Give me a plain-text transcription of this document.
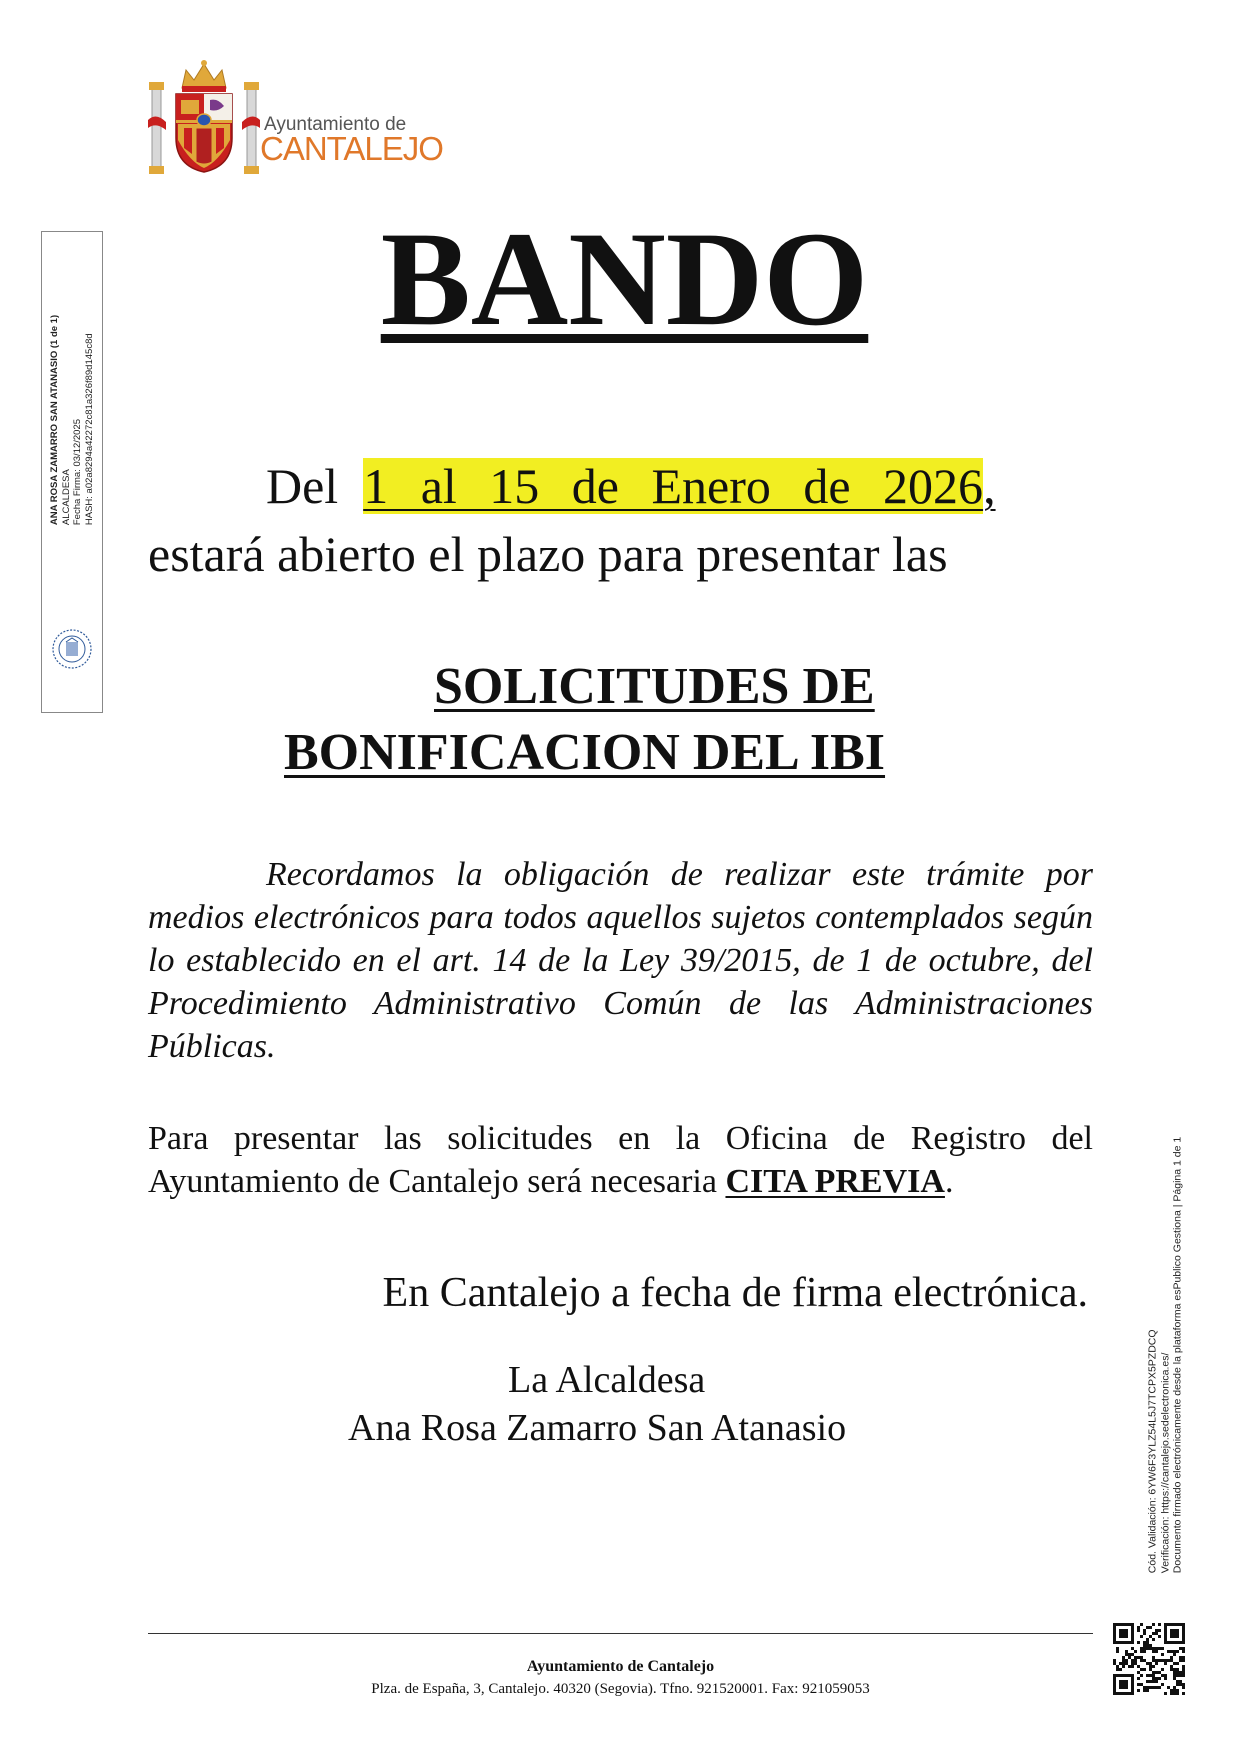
Ayuntamiento de
CANTALEJO
ANA ROSA ZAMARRO SAN ATANASIO (1 de 1) ALCALDESA Fecha Firma: 03/12/2025 HASH: a02a8294a42272c81a326f89d145c8d
BANDO
Del 1 al 15 de Enero de 2026,
estará abierto el plazo para presentar las
SOLICITUDES DE
BONIFICACION DEL IBI
Recordamos la obligación de realizar este trámite por medios electrónicos para todos aquellos sujetos contemplados según lo establecido en el art. 14 de la Ley 39/2015, de 1 de octubre, del Procedimiento Administrativo Común de las Administraciones Públicas.
Para presentar las solicitudes en la Oficina de Registro del Ayuntamiento de Cantalejo será necesaria CITA PREVIA.
En Cantalejo a fecha de firma electrónica.
La Alcaldesa
Ana Rosa Zamarro San Atanasio	Cód. Validación: 6YW6F3YLZ54L5J7TCPX5PZDCQ Verificación: https://cantalejo.sedelectronica.es/ Documento firmado electrónicamente desde la plataforma esPublico Gestiona | Página 1 de 1
Ayuntamiento de Cantalejo
Plza. de España, 3, Cantalejo. 40320 (Segovia). Tfno. 921520001. Fax: 921059053
